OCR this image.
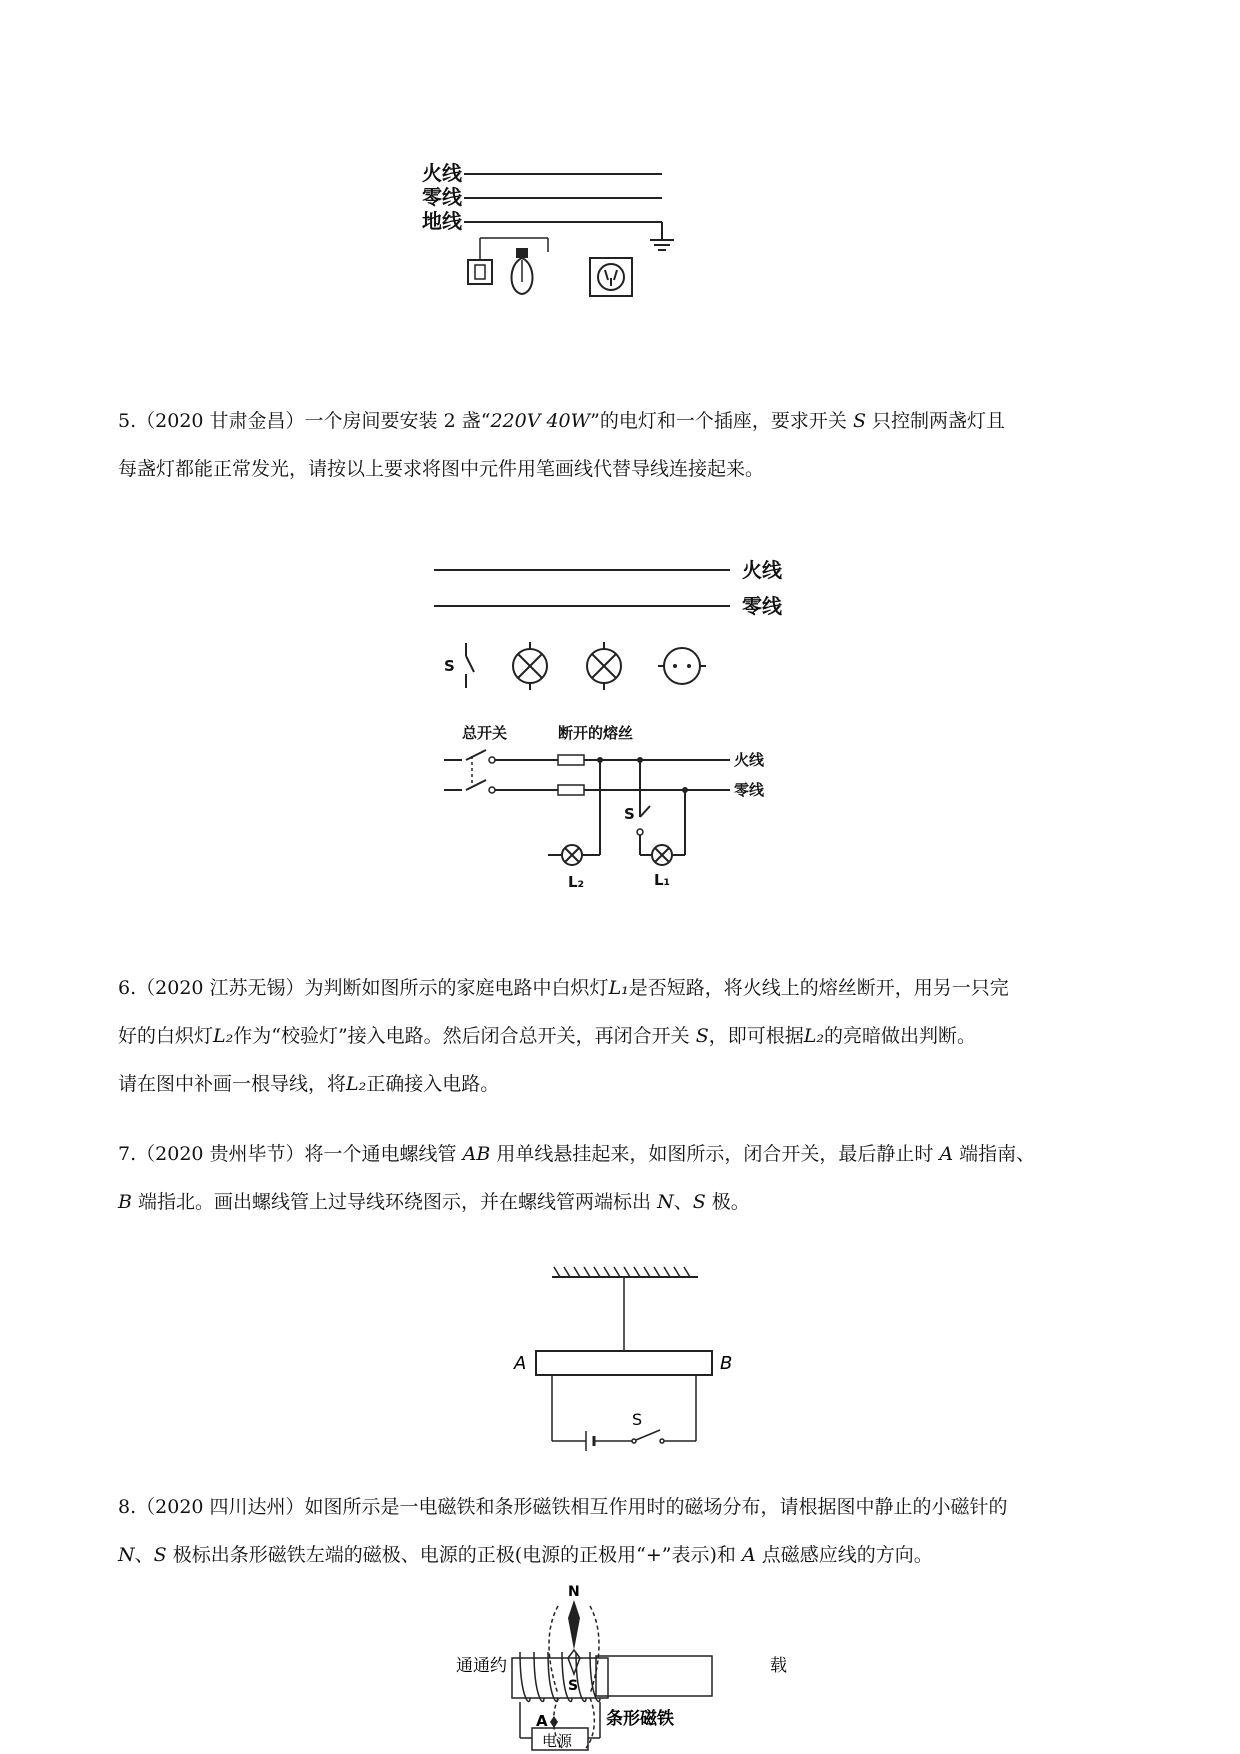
火线
零线
地线

5.（2020 甘肃金昌）一个房间要安装 2 盏“220V 40W”的电灯和一个插座，要求开关 S 只控制两盏灯且

每盏灯都能正常发光，请按以上要求将图中元件用笔画线代替导线连接起来。

火线
零线
S
总开关	断开的熔丝
火线
零线
L₂
S
L₁

6.（2020 江苏无锡）为判断如图所示的家庭电路中白炽灯L₁是否短路，将火线上的熔丝断开，用另一只完

好的白炽灯L₂作为“校验灯”接入电路。然后闭合总开关，再闭合开关 S，即可根据L₂的亮暗做出判断。

请在图中补画一根导线，将L₂正确接入电路。

7.（2020 贵州毕节）将一个通电螺线管 AB 用单线悬挂起来，如图所示，闭合开关，最后静止时 A 端指南、

B 端指北。画出螺线管上过导线环绕图示，并在螺线管两端标出 N、S 极。

A	B
S

8.（2020 四川达州）如图所示是一电磁铁和条形磁铁相互作用时的磁场分布，请根据图中静止的小磁针的

N、S 极标出条形磁铁左端的磁极、电源的正极(电源的正极用“+”表示)和 A 点磁感应线的方向。

通通约	载
电源
N
S
A	条形磁铁
